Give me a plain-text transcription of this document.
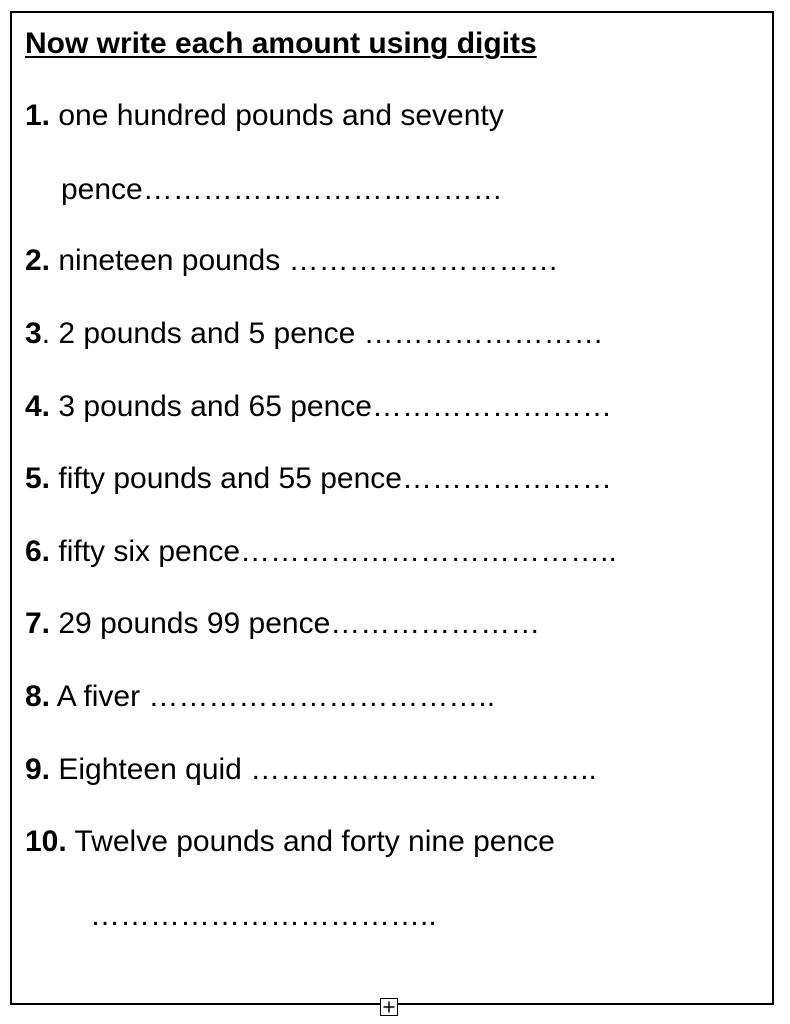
Now write each amount using digits
1. one hundred pounds and seventy
pence………………………………
2. nineteen pounds ………………………
3. 2 pounds and 5 pence ……………………
4. 3 pounds and 65 pence……………………
5. fifty pounds and 55 pence…………………
6. fifty six pence………………………………..
7. 29 pounds 99 pence…………………
8. A fiver ……………………………..
9. Eighteen quid ……………………………..
10. Twelve pounds and forty nine pence
……………………………..
